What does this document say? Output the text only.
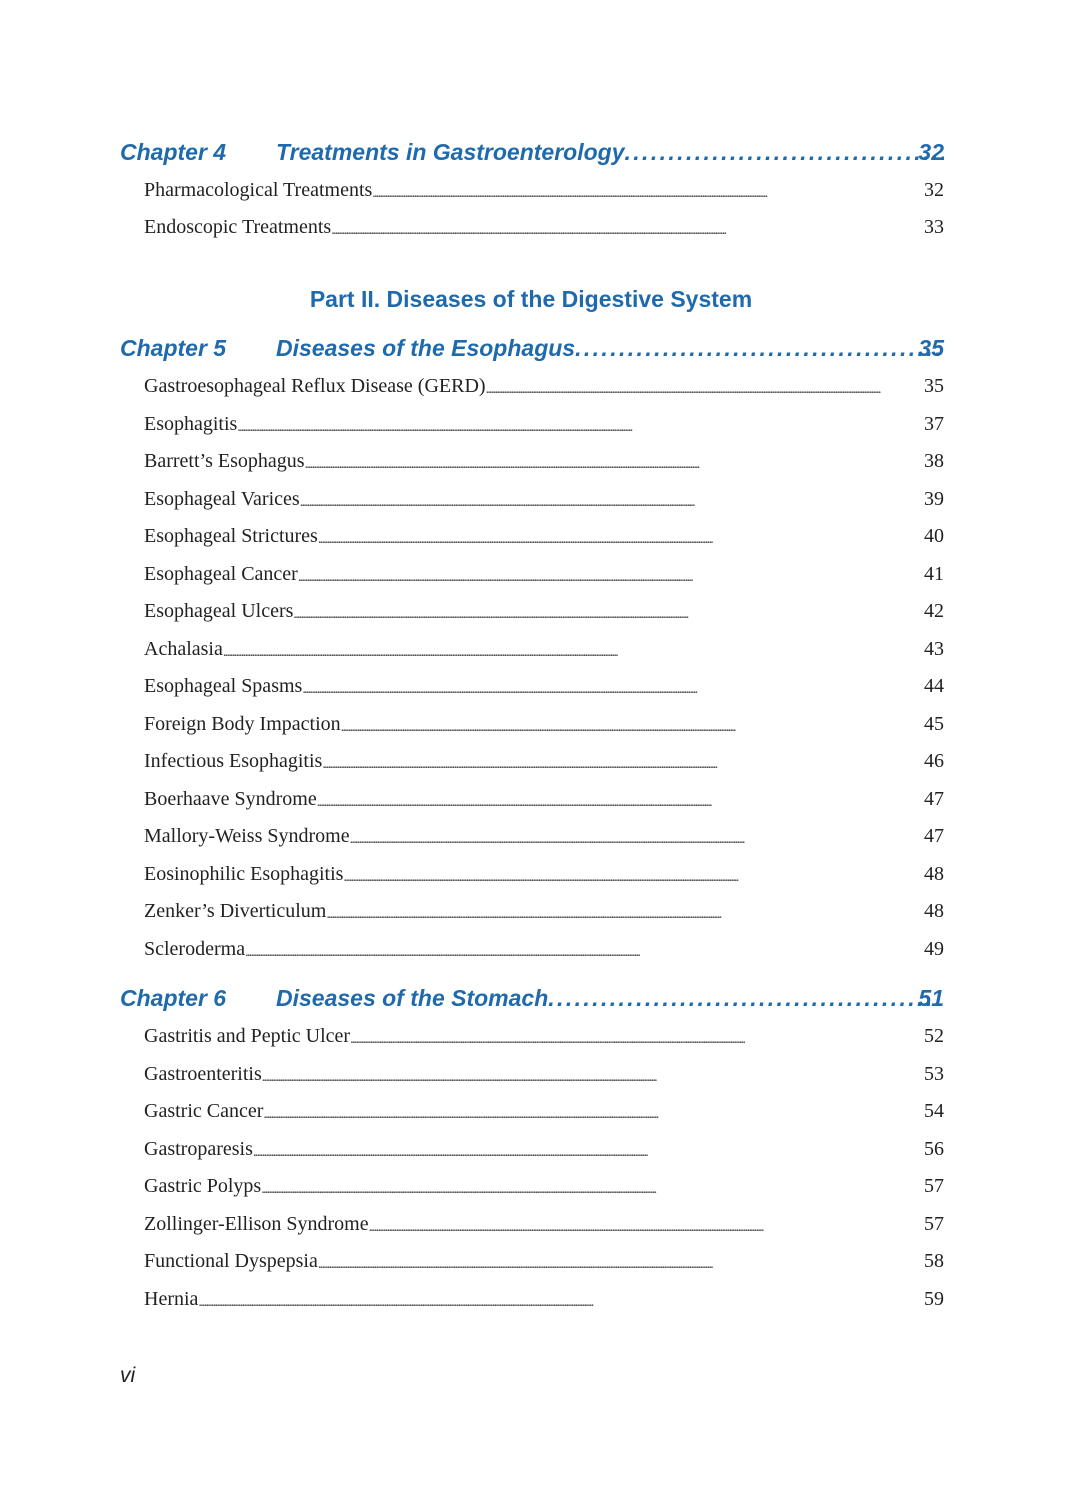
Chapter 4 Treatments in Gastroenterology . . .	32
Pharmacological Treatments . . .	32
Endoscopic Treatments . . .	33
Part II. Diseases of the Digestive System
Chapter 5 Diseases of the Esophagus . . .	35
Gastroesophageal Reflux Disease (GERD) . . .	35
Esophagitis . . .	37
Barrett’s Esophagus . . .	38
Esophageal Varices . . .	39
Esophageal Strictures . . .	40
Esophageal Cancer . . .	41
Esophageal Ulcers . . .	42
Achalasia . . .	43
Esophageal Spasms . . .	44
Foreign Body Impaction . . .	45
Infectious Esophagitis . . .	46
Boerhaave Syndrome . . .	47
Mallory-Weiss Syndrome . . .	47
Eosinophilic Esophagitis . . .	48
Zenker’s Diverticulum . . .	48
Scleroderma . . .	49
Chapter 6 Diseases of the Stomach . . .	51
Gastritis and Peptic Ulcer . . .	52
Gastroenteritis . . .	53
Gastric Cancer . . .	54
Gastroparesis . . .	56
Gastric Polyps . . .	57
Zollinger-Ellison Syndrome . . .	57
Functional Dyspepsia . . .	58
Hernia . . .	59
vi
